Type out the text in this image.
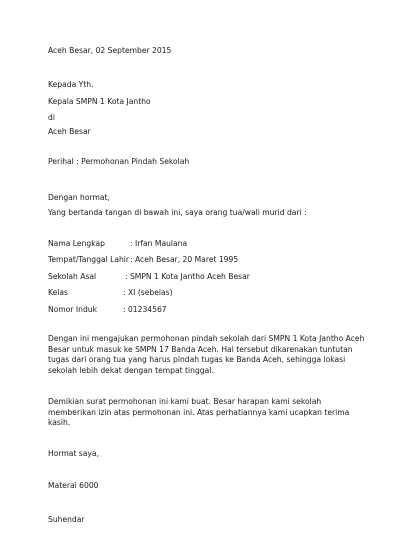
Aceh Besar, 02 September 2015
Kepada Yth.
Kepala SMPN 1 Kota Jantho
di
Aceh Besar
Perihal : Permohonan Pindah Sekolah
Dengan hormat,
Yang bertanda tangan di bawah ini, saya orang tua/wali murid dari :
Nama Lengkap	: Irfan Maulana
Tempat/Tanggal Lahir: Aceh Besar, 20 Maret 1995
Sekolah Asal	: SMPN 1 Kota Jantho Aceh Besar
Kelas	: XI (sebelas)
Nomor Induk	: 01234567
Dengan ini mengajukan permohonan pindah sekolah dari SMPN 1 Kota Jantho Aceh
Besar untuk masuk ke SMPN 17 Banda Aceh. Hal tersebut dikarenakan tuntutan
tugas dari orang tua yang harus pindah tugas ke Banda Aceh, sehingga lokasi
sekolah lebih dekat dengan tempat tinggal.
Demikian surat permohonan ini kami buat. Besar harapan kami sekolah
memberikan izin atas permohonan ini. Atas perhatiannya kami ucapkan terima
kasih.
Hormat saya,
Materai 6000
Suhendar
